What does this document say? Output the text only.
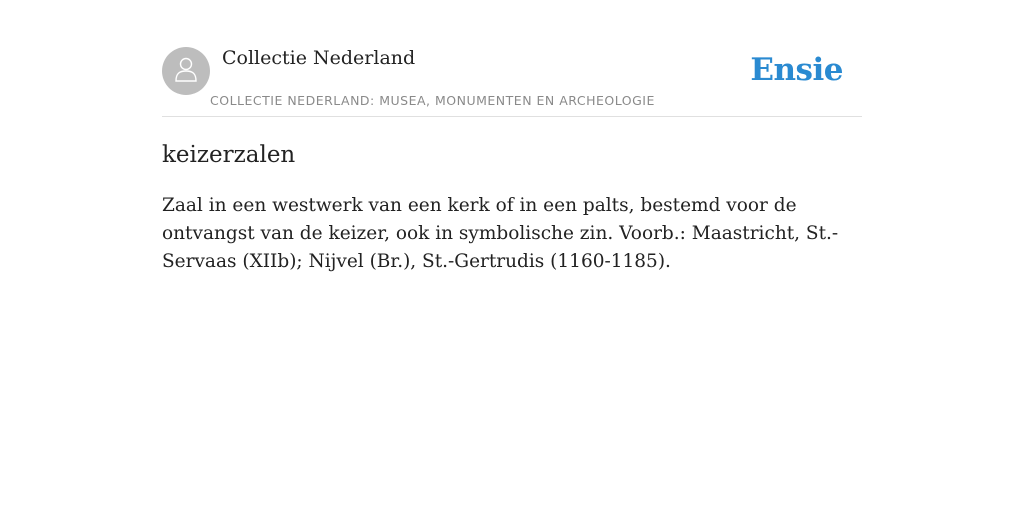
Collectie Nederland
COLLECTIE NEDERLAND: MUSEA, MONUMENTEN EN ARCHEOLOGIE
Ensie
keizerzalen

Zaal in een westwerk van een kerk of in een palts, bestemd voor de ontvangst van de keizer, ook in symbolische zin. Voorb.: Maastricht, St.-Servaas (XIIb); Nijvel (Br.), St.-Gertrudis (1160-1185).
